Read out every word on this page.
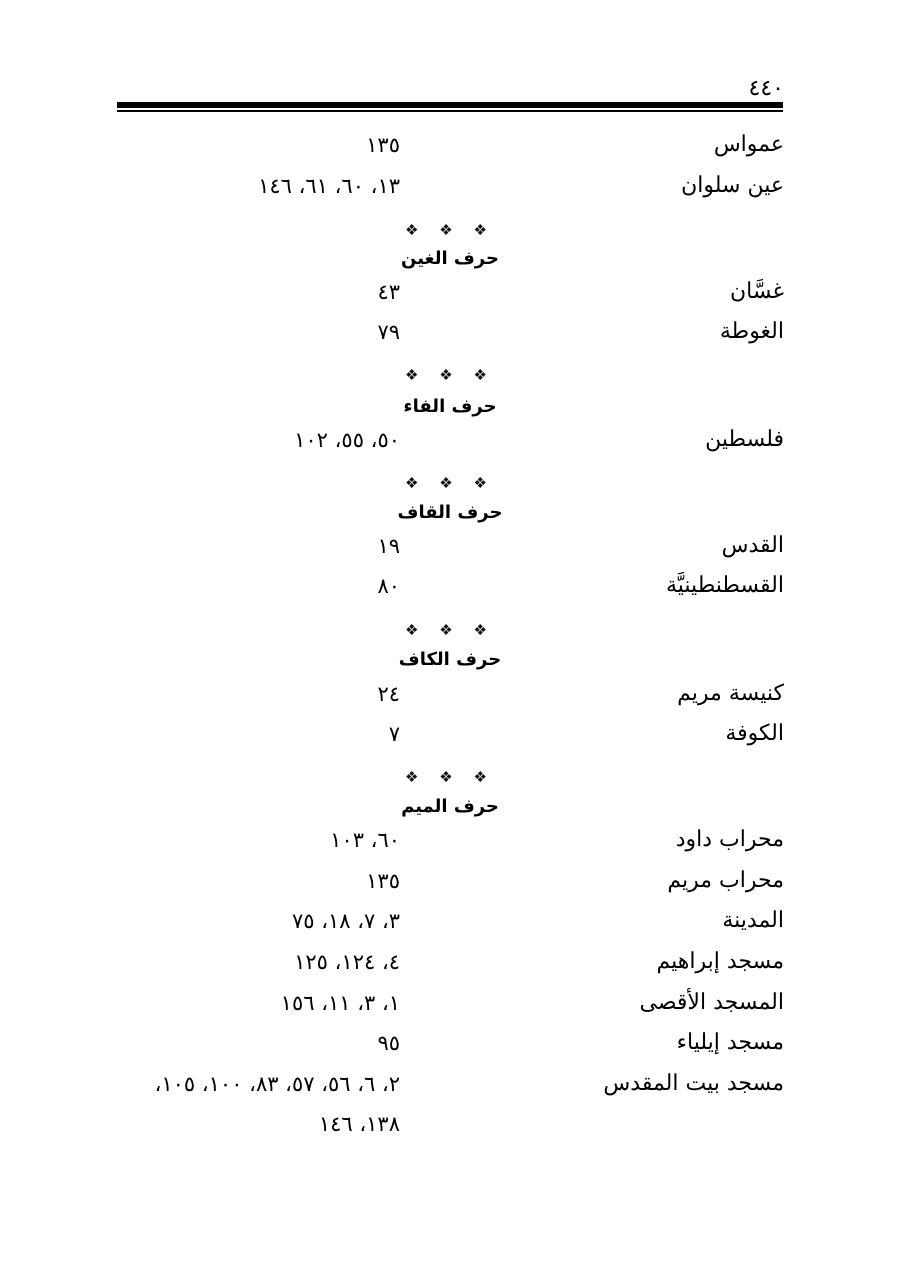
٤٤٠
عمواس
١٣٥
عين سلوان
١٣، ٦٠، ٦١، ١٤٦
❖ ❖ ❖
حرف الغين
غسَّان
٤٣
الغوطة
٧٩
❖ ❖ ❖
حرف الفاء
فلسطين
٥٠، ٥٥، ١٠٢
❖ ❖ ❖
حرف القاف
القدس
١٩
القسطنطينيَّة
٨٠
❖ ❖ ❖
حرف الكاف
كنيسة مريم
٢٤
الكوفة
٧
❖ ❖ ❖
حرف الميم
محراب داود
٦٠، ١٠٣
محراب مريم
١٣٥
المدينة
٣، ٧، ١٨، ٧٥
مسجد إبراهيم
٤، ١٢٤، ١٢٥
المسجد الأقصى
١، ٣، ١١، ١٥٦
مسجد إيلياء
٩٥
مسجد بيت المقدس
٢، ٦، ٥٦، ٥٧، ٨٣، ١٠٠، ١٠٥،
١٣٨، ١٤٦
